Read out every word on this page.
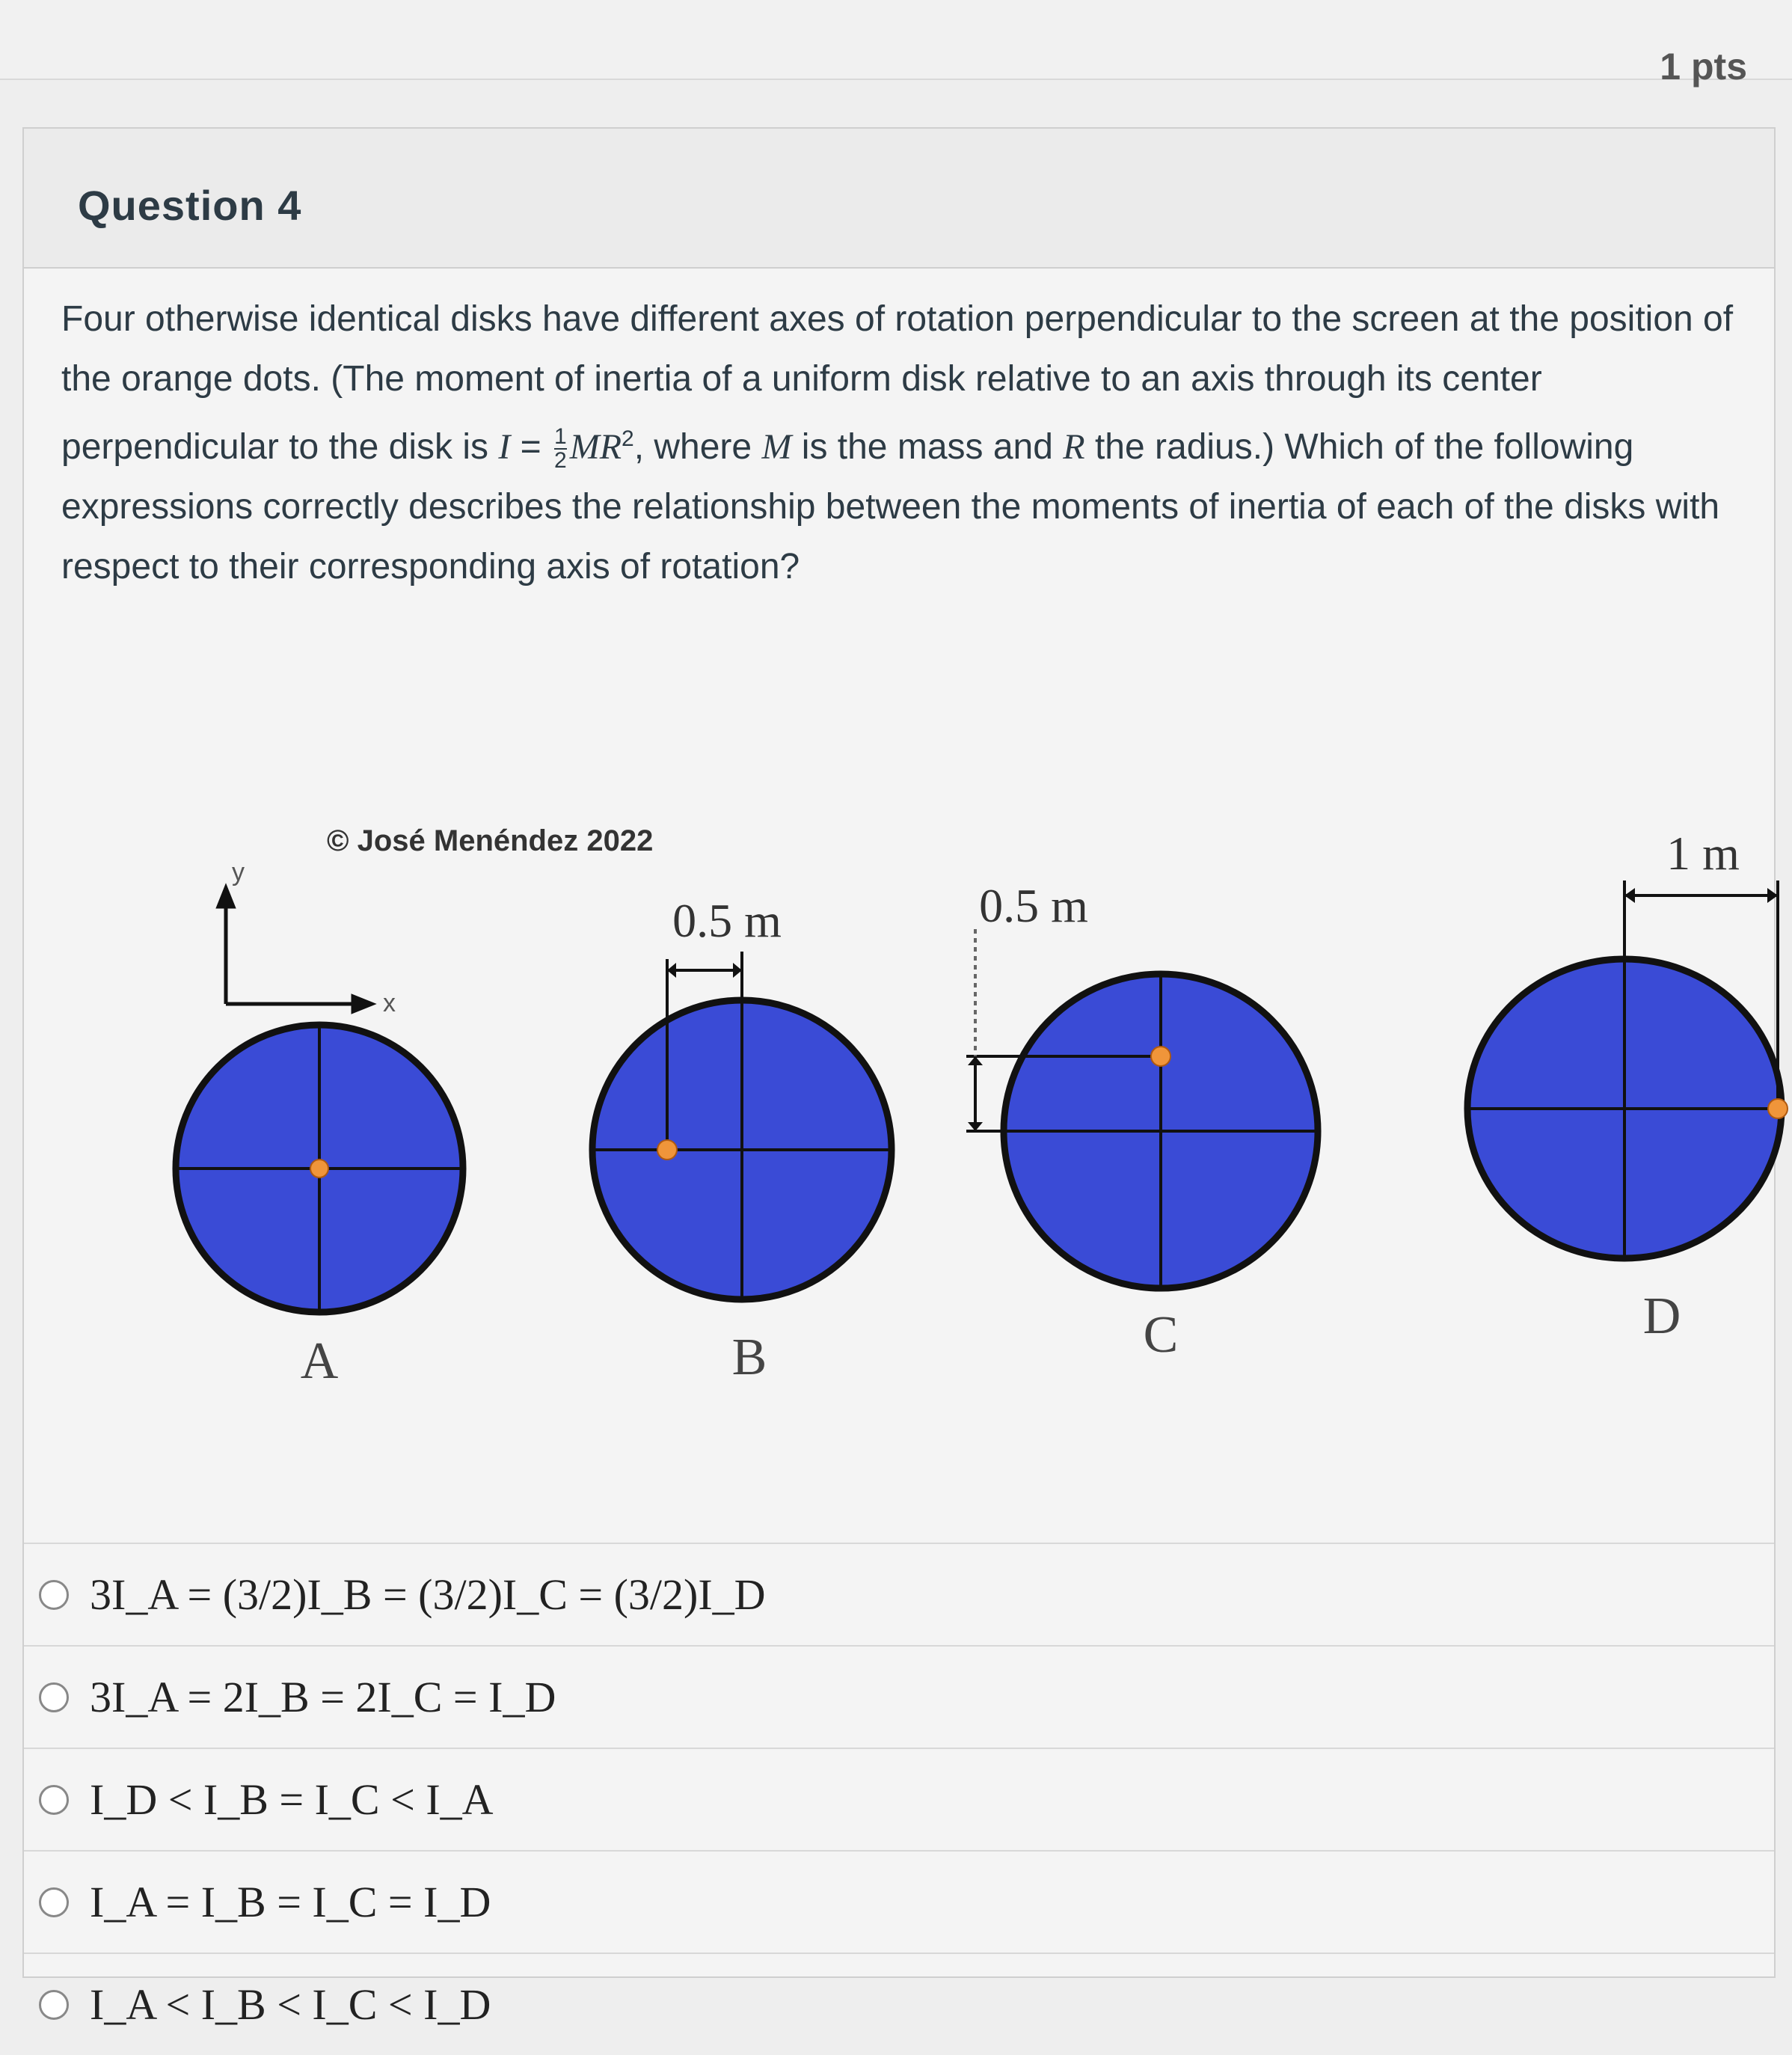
1 pts
Question 4

Four otherwise identical disks have different axes of rotation perpendicular to the screen at the position of the orange dots. (The moment of inertia of a uniform disk relative to an axis through its center perpendicular to the disk is $I = \frac{1}{2} MR^2$, where M is the mass and R the radius.) Which of the following expressions correctly describes the relationship between the moments of inertia of each of the disks with respect to their corresponding axis of rotation?

© José Menéndez 2022
y
x
A
0.5 m
B
0.5 m
C
1 m
D
3I_A = (3/2)I_B = (3/2)I_C = (3/2)I_D
3I_A = 2I_B = 2I_C = I_D
I_D < I_B = I_C < I_A
I_A = I_B = I_C = I_D
I_A < I_B < I_C < I_D
